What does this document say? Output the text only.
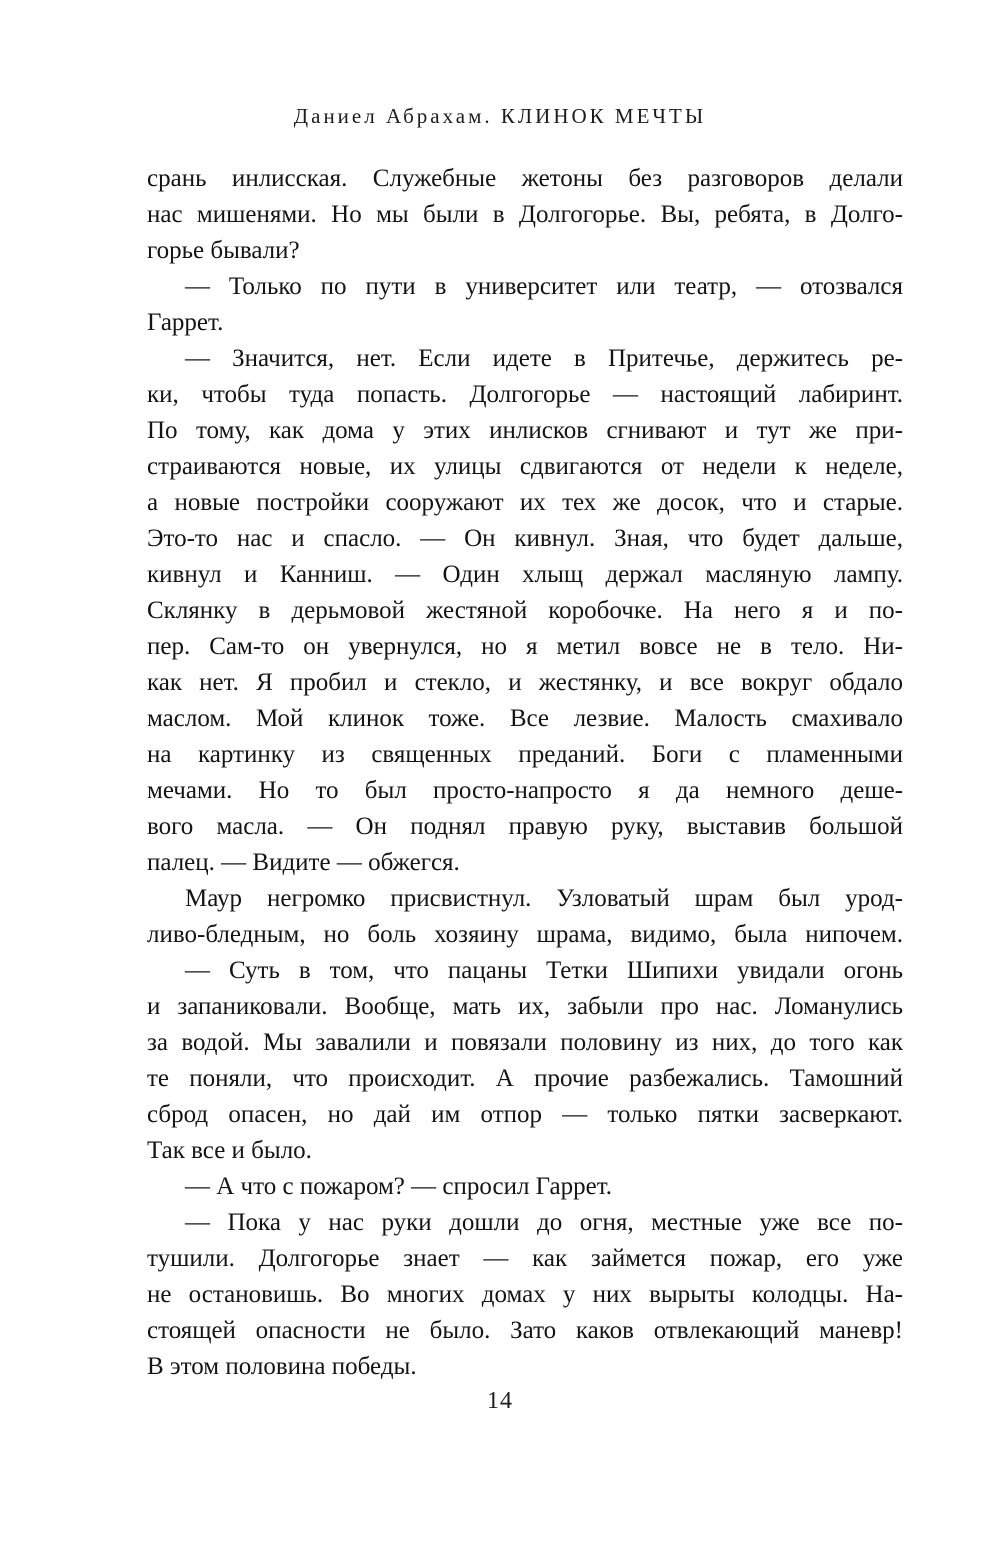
Даниел Абрахам. КЛИНОК МЕЧТЫ
срань инлисская. Служебные жетоны без разговоров делали
нас мишенями. Но мы были в Долгогорье. Вы, ребята, в Долго-
горье бывали?
— Только по пути в университет или театр, — отозвался
Гаррет.
— Значится, нет. Если идете в Притечье, держитесь ре-
ки, чтобы туда попасть. Долгогорье — настоящий лабиринт.
По тому, как дома у этих инлисков сгнивают и тут же при-
страиваются новые, их улицы сдвигаются от недели к неделе,
а новые постройки сооружают их тех же досок, что и старые.
Это-то нас и спасло. — Он кивнул. Зная, что будет дальше,
кивнул и Канниш. — Один хлыщ держал масляную лампу.
Склянку в дерьмовой жестяной коробочке. На него я и по-
пер. Сам-то он увернулся, но я метил вовсе не в тело. Ни-
как нет. Я пробил и стекло, и жестянку, и все вокруг обдало
маслом. Мой клинок тоже. Все лезвие. Малость смахивало
на картинку из священных преданий. Боги с пламенными
мечами. Но то был просто-напросто я да немного деше-
вого масла. — Он поднял правую руку, выставив большой
палец. — Видите — обжегся.
Маур негромко присвистнул. Узловатый шрам был урод-
ливо-бледным, но боль хозяину шрама, видимо, была нипочем.
— Суть в том, что пацаны Тетки Шипихи увидали огонь
и запаниковали. Вообще, мать их, забыли про нас. Ломанулись
за водой. Мы завалили и повязали половину из них, до того как
те поняли, что происходит. А прочие разбежались. Тамошний
сброд опасен, но дай им отпор — только пятки засверкают.
Так все и было.
— А что с пожаром? — спросил Гаррет.
— Пока у нас руки дошли до огня, местные уже все по-
тушили. Долгогорье знает — как займется пожар, его уже
не остановишь. Во многих домах у них вырыты колодцы. На-
стоящей опасности не было. Зато каков отвлекающий маневр!
В этом половина победы.
14
